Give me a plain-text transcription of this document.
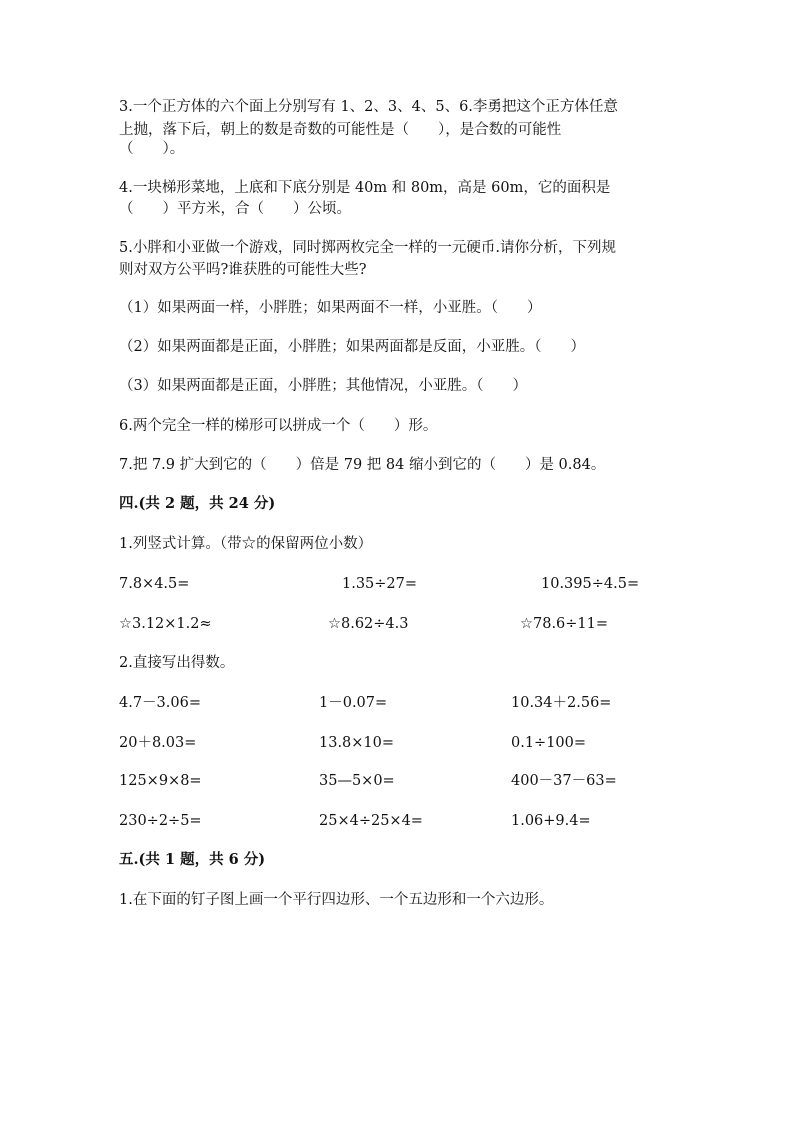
3.一个正方体的六个面上分别写有 1、2、3、4、5、6.李勇把这个正方体任意
上抛，落下后，朝上的数是奇数的可能性是（　　），是合数的可能性
（　　）。
4.一块梯形菜地，上底和下底分别是 40m 和 80m，高是 60m，它的面积是
（　　）平方米，合（　　）公顷。
5.小胖和小亚做一个游戏，同时掷两枚完全一样的一元硬币.请你分析，下列规
则对双方公平吗?谁获胜的可能性大些?
（1）如果两面一样，小胖胜；如果两面不一样，小亚胜。（　　）
（2）如果两面都是正面，小胖胜；如果两面都是反面，小亚胜。（　　）
（3）如果两面都是正面，小胖胜；其他情况，小亚胜。（　　）
6.两个完全一样的梯形可以拼成一个（　　）形。
7.把 7.9 扩大到它的（　　）倍是 79 把 84 缩小到它的（　　）是 0.84。
四.(共 2 题，共 24 分)
1.列竖式计算。（带☆的保留两位小数）
7.8×4.5=	1.35÷27=	10.395÷4.5=
☆3.12×1.2≈	☆8.62÷4.3	☆78.6÷11=
2.直接写出得数。
4.7－3.06=	1－0.07=	10.34＋2.56=
20＋8.03=	13.8×10=	0.1÷100=
125×9×8=	35—5×0=	400－37－63=
230÷2÷5=	25×4÷25×4=	1.06+9.4=
五.(共 1 题，共 6 分)
1.在下面的钉子图上画一个平行四边形、一个五边形和一个六边形。
